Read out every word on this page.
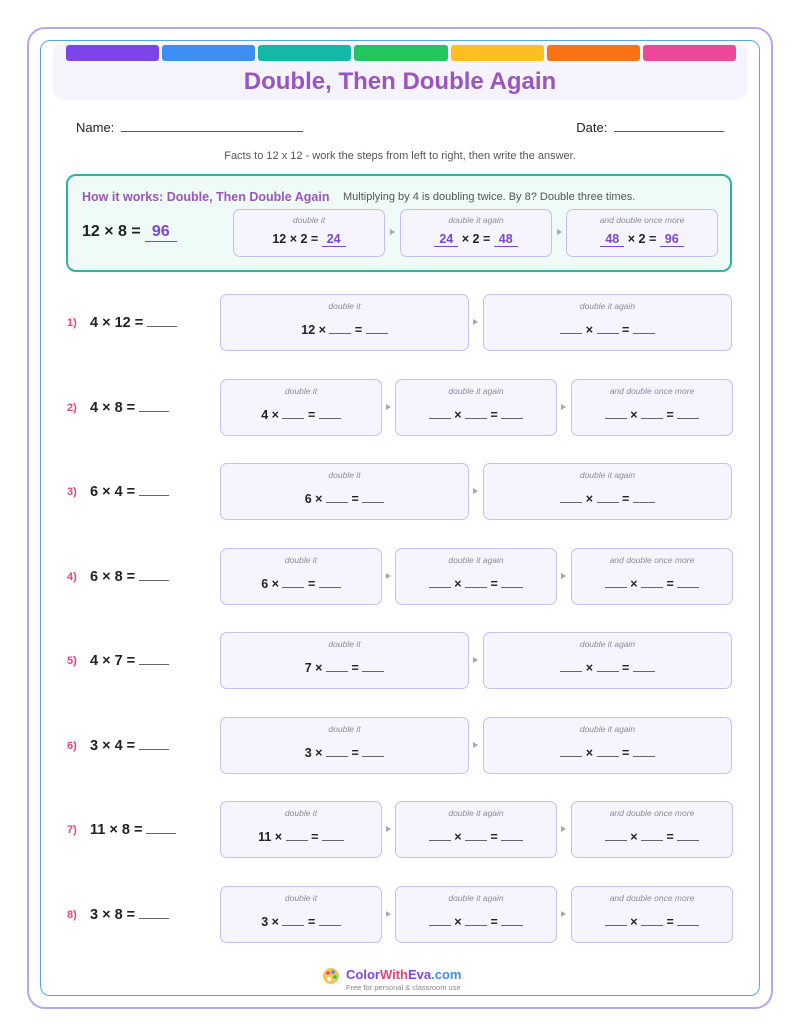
Double, Then Double Again
Name:	Date:
Facts to 12 x 12 - work the steps from left to right, then write the answer.
How it works: Double, Then Double Again Multiplying by 4 is doubling twice. By 8? Double three times.
12 × 8 = 96
double it
12 × 2 = 24
double it again
24 × 2 = 48
and double once more
48 × 2 = 96
1) 4 × 12 =
double it
12 × =
double it again
× =
2) 4 × 8 =
double it
4 × =
double it again
× =
and double once more
× =
3) 6 × 4 =
double it
6 × =
double it again
× =
4) 6 × 8 =
double it
6 × =
double it again
× =
and double once more
× =
5) 4 × 7 =
double it
7 × =
double it again
× =
6) 3 × 4 =
double it
3 × =
double it again
× =
7) 11 × 8 =
double it
11 × =
double it again
× =
and double once more
× =
8) 3 × 8 =
double it
3 × =
double it again
× =
and double once more
× =
ColorWithEva.com
Free for personal & classroom use
